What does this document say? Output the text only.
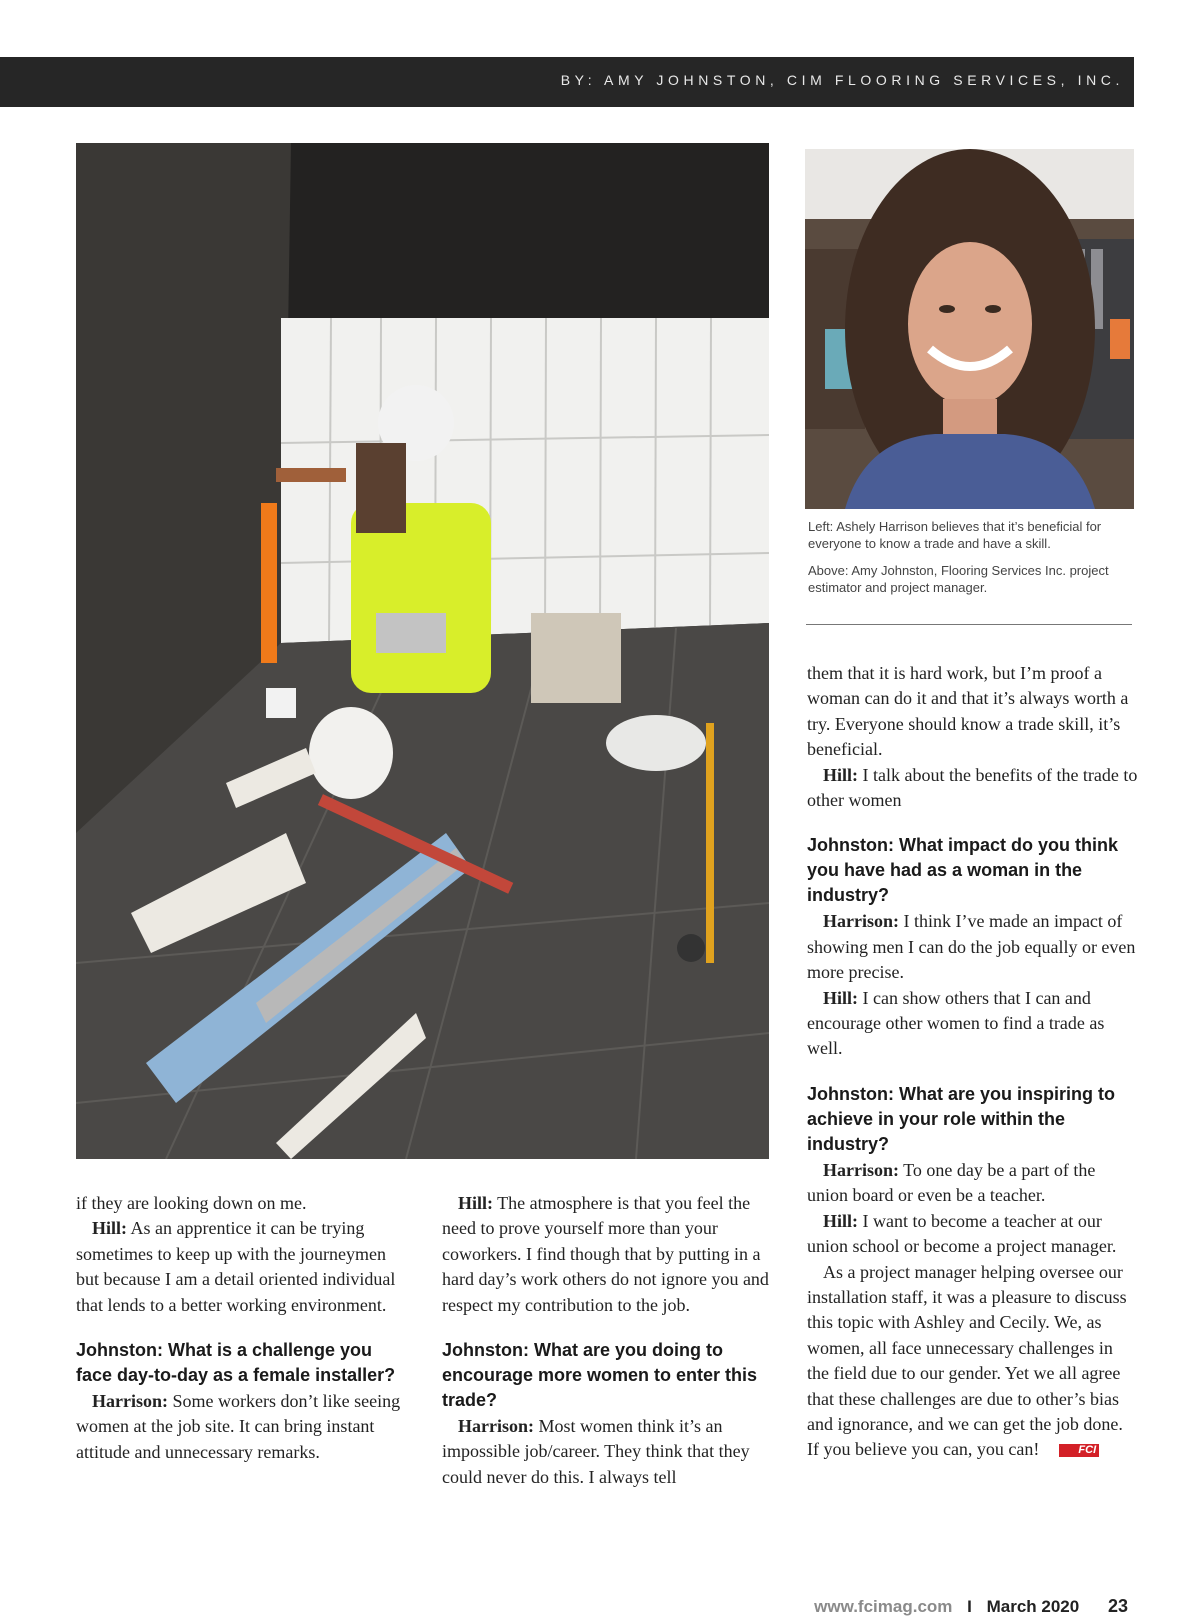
BY: AMY JOHNSTON, CIM FLOORING SERVICES, INC.

Left: Ashely Harrison believes that it’s beneficial for everyone to know a trade and have a skill.

Above: Amy Johnston, Flooring Services Inc. project estimator and project manager.

if they are looking down on me.

Hill: As an apprentice it can be trying sometimes to keep up with the journeymen but because I am a detail oriented individual that lends to a better working environment.

Johnston: What is a challenge you face day-to-day as a female installer?

Harrison: Some workers don’t like seeing women at the job site. It can bring instant attitude and unnecessary remarks.

Hill: The atmosphere is that you feel the need to prove yourself more than your coworkers. I find though that by putting in a hard day’s work others do not ignore you and respect my contribution to the job.

Johnston: What are you doing to encourage more women to enter this trade?

Harrison: Most women think it’s an impossible job/career. They think that they could never do this. I always tell

them that it is hard work, but I’m proof a woman can do it and that it’s always worth a try. Everyone should know a trade skill, it’s beneficial.

Hill: I talk about the benefits of the trade to other women

Johnston: What impact do you think you have had as a woman in the industry?

Harrison: I think I’ve made an impact of showing men I can do the job equally or even more precise.

Hill: I can show others that I can and encourage other women to find a trade as well.

Johnston: What are you inspiring to achieve in your role within the industry?

Harrison: To one day be a part of the union board or even be a teacher.

Hill: I want to become a teacher at our union school or become a project manager.

As a project manager helping oversee our installation staff, it was a pleasure to discuss this topic with Ashley and Cecily. We, as women, all face unnecessary challenges in the field due to our gender. Yet we all agree that these challenges are due to other’s bias and ignorance, and we can get the job done. If you believe you can, you can!	FCI

www.fcimag.com I March 2020 23
